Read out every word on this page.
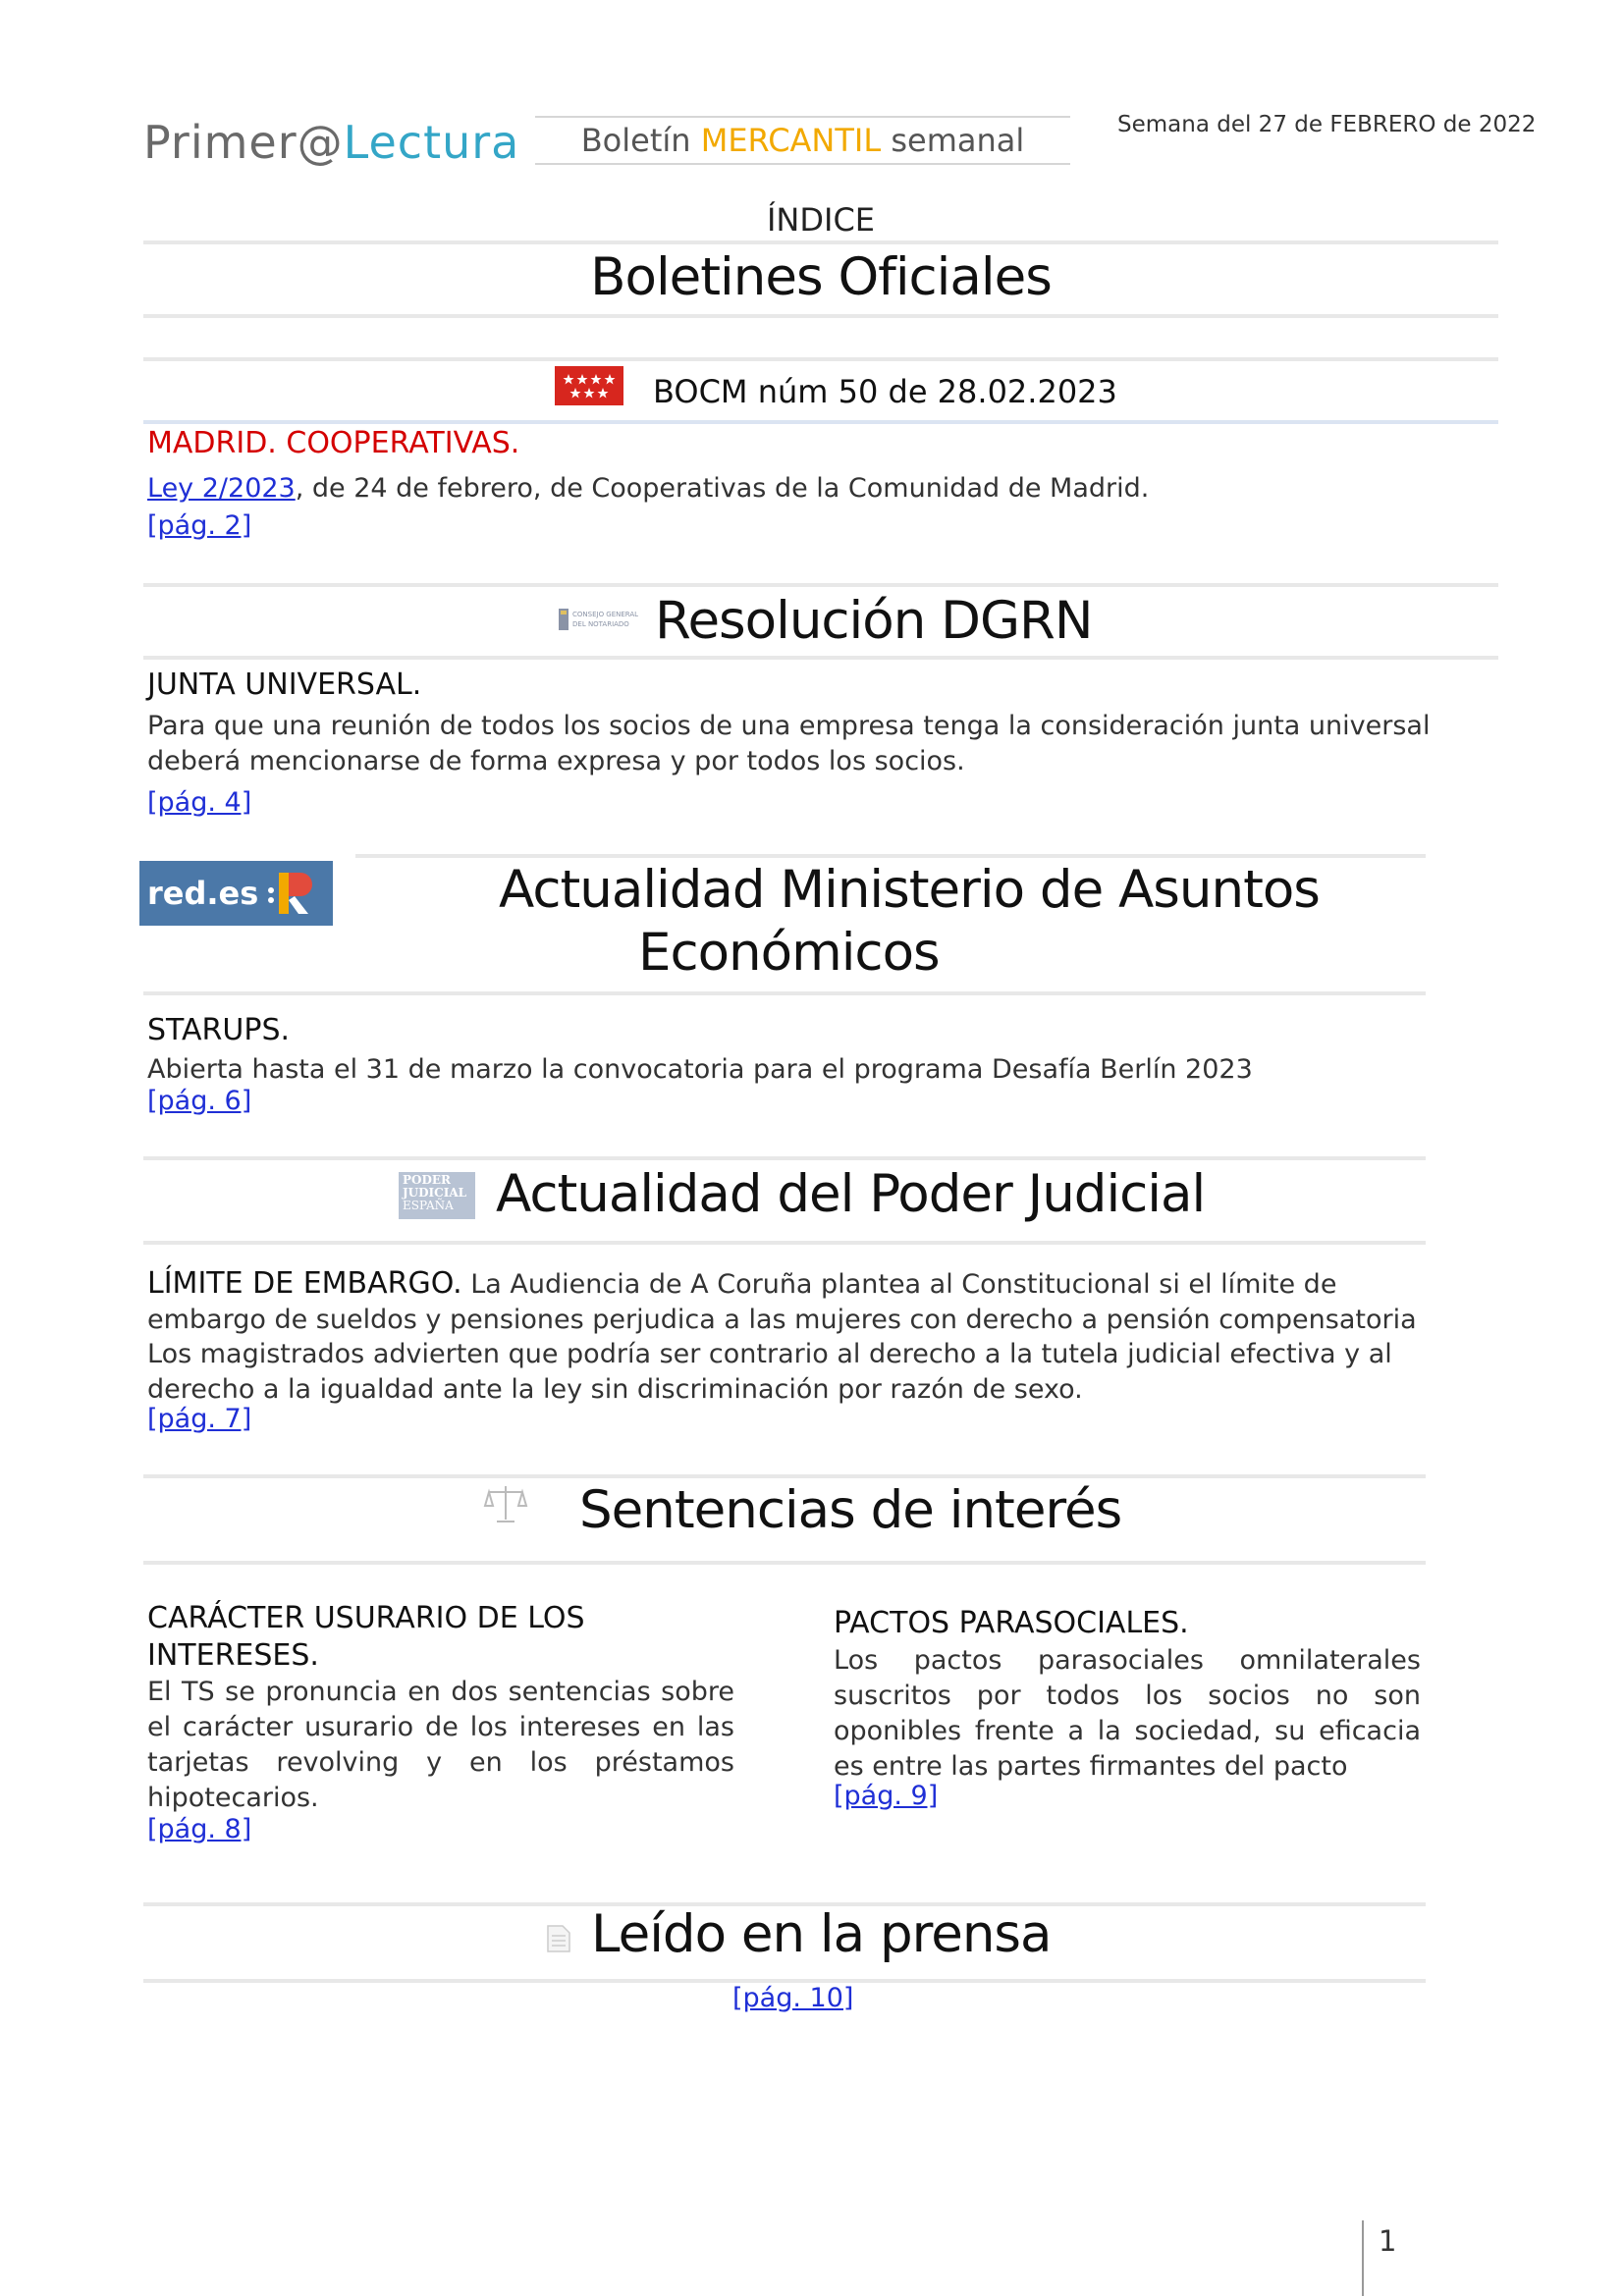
Primer@Lectura	Boletín MERCANTIL semanal	Semana del 27 de FEBRERO de 2022
ÍNDICE
Boletines Oficiales
BOCM núm 50 de 28.02.2023
MADRID. COOPERATIVAS.
Ley 2/2023, de 24 de febrero, de Cooperativas de la Comunidad de Madrid.
[pág. 2]
CONSEJO GENERAL
DEL NOTARIADO Resolución DGRN
JUNTA UNIVERSAL.
Para que una reunión de todos los socios de una empresa tenga la consideración junta universal deberá mencionarse de forma expresa y por todos los socios.
[pág. 4]
red.es	Actualidad Ministerio de Asuntos
Económicos
STARUPS.
Abierta hasta el 31 de marzo la convocatoria para el programa Desafía Berlín 2023
[pág. 6]
PODER
JUDICIAL
ESPAÑA Actualidad del Poder Judicial
LÍMITE DE EMBARGO. La Audiencia de A Coruña plantea al Constitucional si el límite de embargo de sueldos y pensiones perjudica a las mujeres con derecho a pensión compensatoria
Los magistrados advierten que podría ser contrario al derecho a la tutela judicial efectiva y al derecho a la igualdad ante la ley sin discriminación por razón de sexo.
[pág. 7]
Sentencias de interés
CARÁCTER USURARIO DE LOS INTERESES.
El TS se pronuncia en dos sentencias sobre el carácter usurario de los intereses en las tarjetas revolving y en los préstamos hipotecarios.
[pág. 8]
PACTOS PARASOCIALES.
Los pactos parasociales omnilaterales suscritos por todos los socios no son oponibles frente a la sociedad, su eficacia es entre las partes firmantes del pacto
[pág. 9]
Leído en la prensa
[pág. 10]
1
